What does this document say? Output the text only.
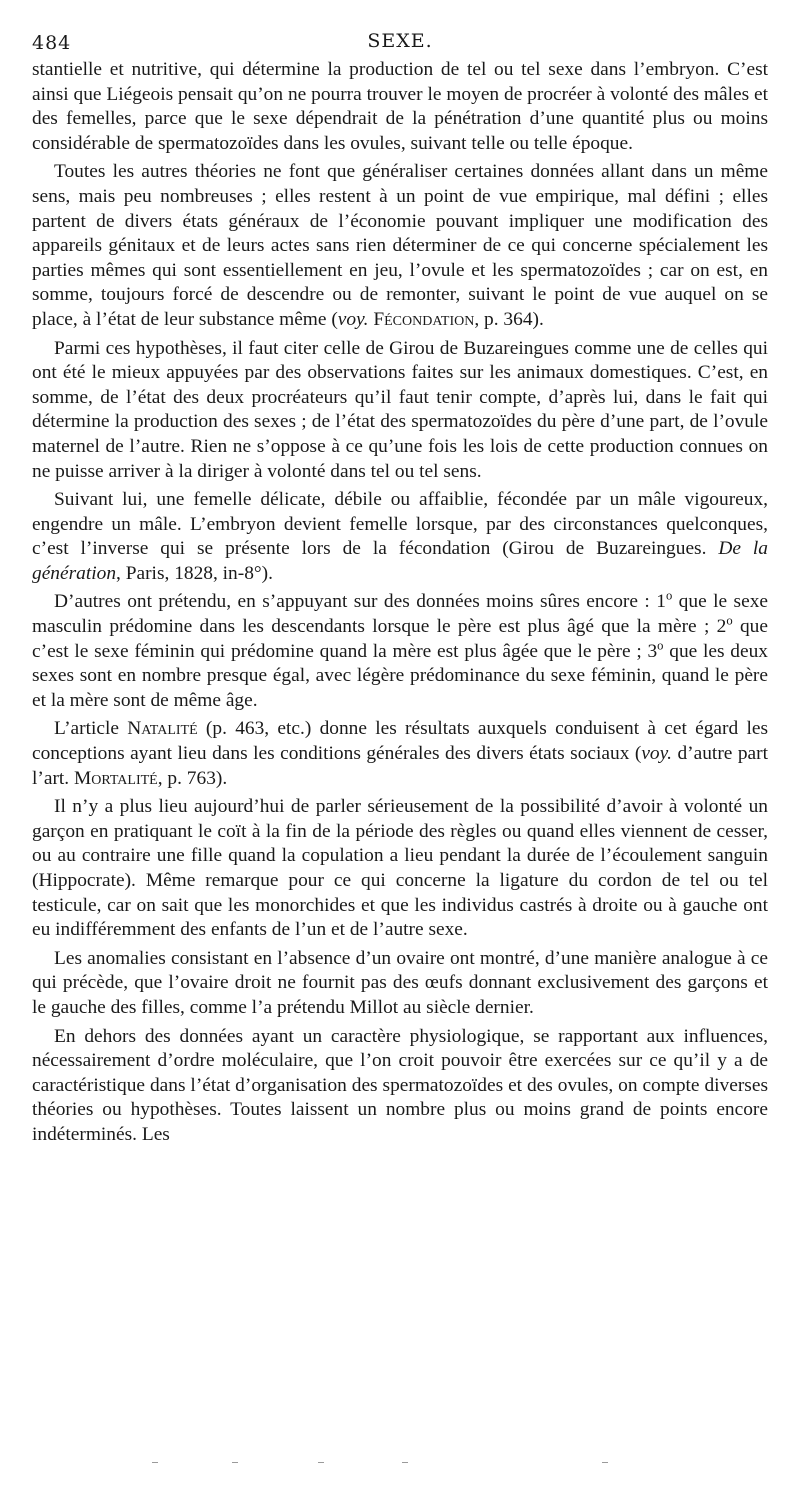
484	SEXE.

stantielle et nutritive, qui détermine la production de tel ou tel sexe dans l’embryon. C’est ainsi que Liégeois pensait qu’on ne pourra trouver le moyen de procréer à volonté des mâles et des femelles, parce que le sexe dépendrait de la pénétration d’une quantité plus ou moins considérable de spermatozoïdes dans les ovules, suivant telle ou telle époque.

Toutes les autres théories ne font que généraliser certaines données allant dans un même sens, mais peu nombreuses ; elles restent à un point de vue empirique, mal défini ; elles partent de divers états généraux de l’économie pouvant impliquer une modification des appareils génitaux et de leurs actes sans rien déterminer de ce qui concerne spécialement les parties mêmes qui sont essentiellement en jeu, l’ovule et les spermatozoïdes ; car on est, en somme, toujours forcé de descendre ou de remonter, suivant le point de vue auquel on se place, à l’état de leur substance même (voy. Fécondation, p. 364).

Parmi ces hypothèses, il faut citer celle de Girou de Buzareingues comme une de celles qui ont été le mieux appuyées par des observations faites sur les animaux domestiques. C’est, en somme, de l’état des deux procréateurs qu’il faut tenir compte, d’après lui, dans le fait qui détermine la production des sexes ; de l’état des spermatozoïdes du père d’une part, de l’ovule maternel de l’autre. Rien ne s’oppose à ce qu’une fois les lois de cette production connues on ne puisse arriver à la diriger à volonté dans tel ou tel sens.

Suivant lui, une femelle délicate, débile ou affaiblie, fécondée par un mâle vigoureux, engendre un mâle. L’embryon devient femelle lorsque, par des circonstances quelconques, c’est l’inverse qui se présente lors de la fécondation (Girou de Buzareingues. De la génération, Paris, 1828, in-8°).

D’autres ont prétendu, en s’appuyant sur des données moins sûres encore : 1$^o$ que le sexe masculin prédomine dans les descendants lorsque le père est plus âgé que la mère ; 2$^o$ que c’est le sexe féminin qui prédomine quand la mère est plus âgée que le père ; 3$^o$ que les deux sexes sont en nombre presque égal, avec légère prédominance du sexe féminin, quand le père et la mère sont de même âge.

L’article Natalité (p. 463, etc.) donne les résultats auxquels conduisent à cet égard les conceptions ayant lieu dans les conditions générales des divers états sociaux (voy. d’autre part l’art. Mortalité, p. 763).

Il n’y a plus lieu aujourd’hui de parler sérieusement de la possibilité d’avoir à volonté un garçon en pratiquant le coït à la fin de la période des règles ou quand elles viennent de cesser, ou au contraire une fille quand la copulation a lieu pendant la durée de l’écoulement sanguin (Hippocrate). Même remarque pour ce qui concerne la ligature du cordon de tel ou tel testicule, car on sait que les monorchides et que les individus castrés à droite ou à gauche ont eu indifféremment des enfants de l’un et de l’autre sexe.

Les anomalies consistant en l’absence d’un ovaire ont montré, d’une manière analogue à ce qui précède, que l’ovaire droit ne fournit pas des œufs donnant exclusivement des garçons et le gauche des filles, comme l’a prétendu Millot au siècle dernier.

En dehors des données ayant un caractère physiologique, se rapportant aux influences, nécessairement d’ordre moléculaire, que l’on croit pouvoir être exercées sur ce qu’il y a de caractéristique dans l’état d’organisation des spermatozoïdes et des ovules, on compte diverses théories ou hypothèses. Toutes laissent un nombre plus ou moins grand de points encore indéterminés. Les
